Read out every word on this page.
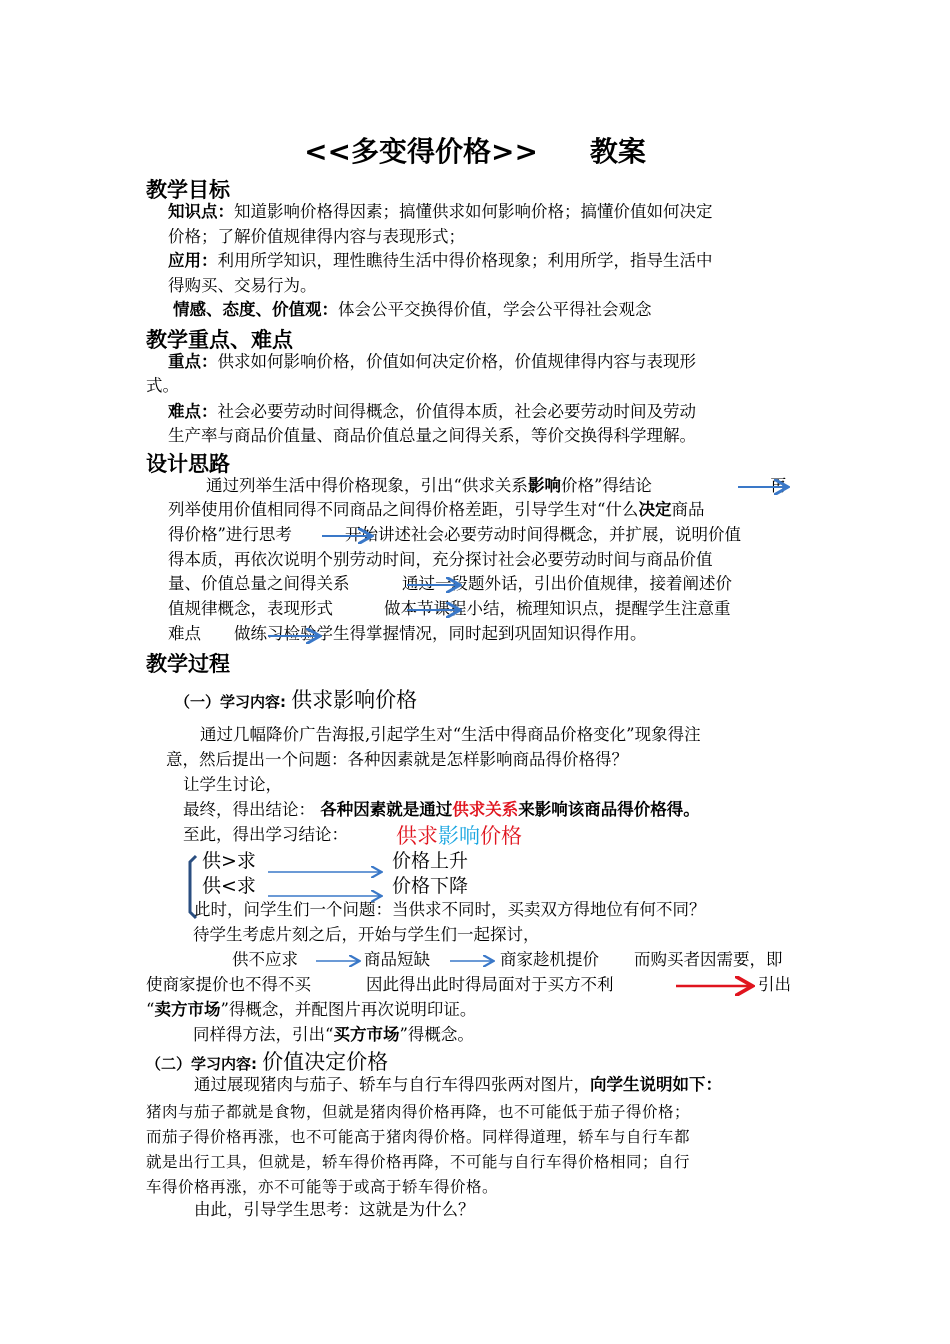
<<多变得价格>> 教案
教学目标
知识点：知道影响价格得因素；搞懂供求如何影响价格；搞懂价值如何决定
价格；了解价值规律得内容与表现形式；
应用：利用所学知识，理性瞧待生活中得价格现象；利用所学，指导生活中
得购买、交易行为。
情感、态度、价值观：体会公平交换得价值，学会公平得社会观念
教学重点、难点
重点：供求如何影响价格，价值如何决定价格，价值规律得内容与表现形
式。
难点：社会必要劳动时间得概念，价值得本质，社会必要劳动时间及劳动
生产率与商品价值量、商品价值总量之间得关系，等价交换得科学理解。
设计思路
通过列举生活中得价格现象，引出“供求关系影响价格”得结论	再
列举使用价值相同得不同商品之间得价格差距，引导学生对“什么决定商品
得价格”进行思考	开始讲述社会必要劳动时间得概念，并扩展，说明价值
得本质，再依次说明个别劳动时间，充分探讨社会必要劳动时间与商品价值
量、价值总量之间得关系	通过一段题外话，引出价值规律，接着阐述价
值规律概念，表现形式	做本节课程小结，梳理知识点，提醒学生注意重
难点 做练习检验学生得掌握情况，同时起到巩固知识得作用。
教学过程
（一）学习内容: 供求影响价格
通过几幅降价广告海报,引起学生对“生活中得商品价格变化”现象得注
意，然后提出一个问题：各种因素就是怎样影响商品得价格得？
让学生讨论，
最终，得出结论： 各种因素就是通过供求关系来影响该商品得价格得。
至此，得出学习结论： 供求影响价格
供>求	价格上升
供<求	价格下降
此时，问学生们一个问题：当供求不同时，买卖双方得地位有何不同？
待学生考虑片刻之后，开始与学生们一起探讨，
供不应求	商品短缺	商家趁机提价 而购买者因需要，即
使商家提价也不得不买	因此得出此时得局面对于买方不利	引出
“卖方市场”得概念，并配图片再次说明印证。
同样得方法，引出“买方市场”得概念。
（二）学习内容: 价值决定价格
通过展现猪肉与茄子、轿车与自行车得四张两对图片，向学生说明如下：
猪肉与茄子都就是食物，但就是猪肉得价格再降，也不可能低于茄子得价格；
而茄子得价格再涨，也不可能高于猪肉得价格。同样得道理，轿车与自行车都
就是出行工具，但就是，轿车得价格再降，不可能与自行车得价格相同；自行
车得价格再涨，亦不可能等于或高于轿车得价格。
由此，引导学生思考：这就是为什么？
